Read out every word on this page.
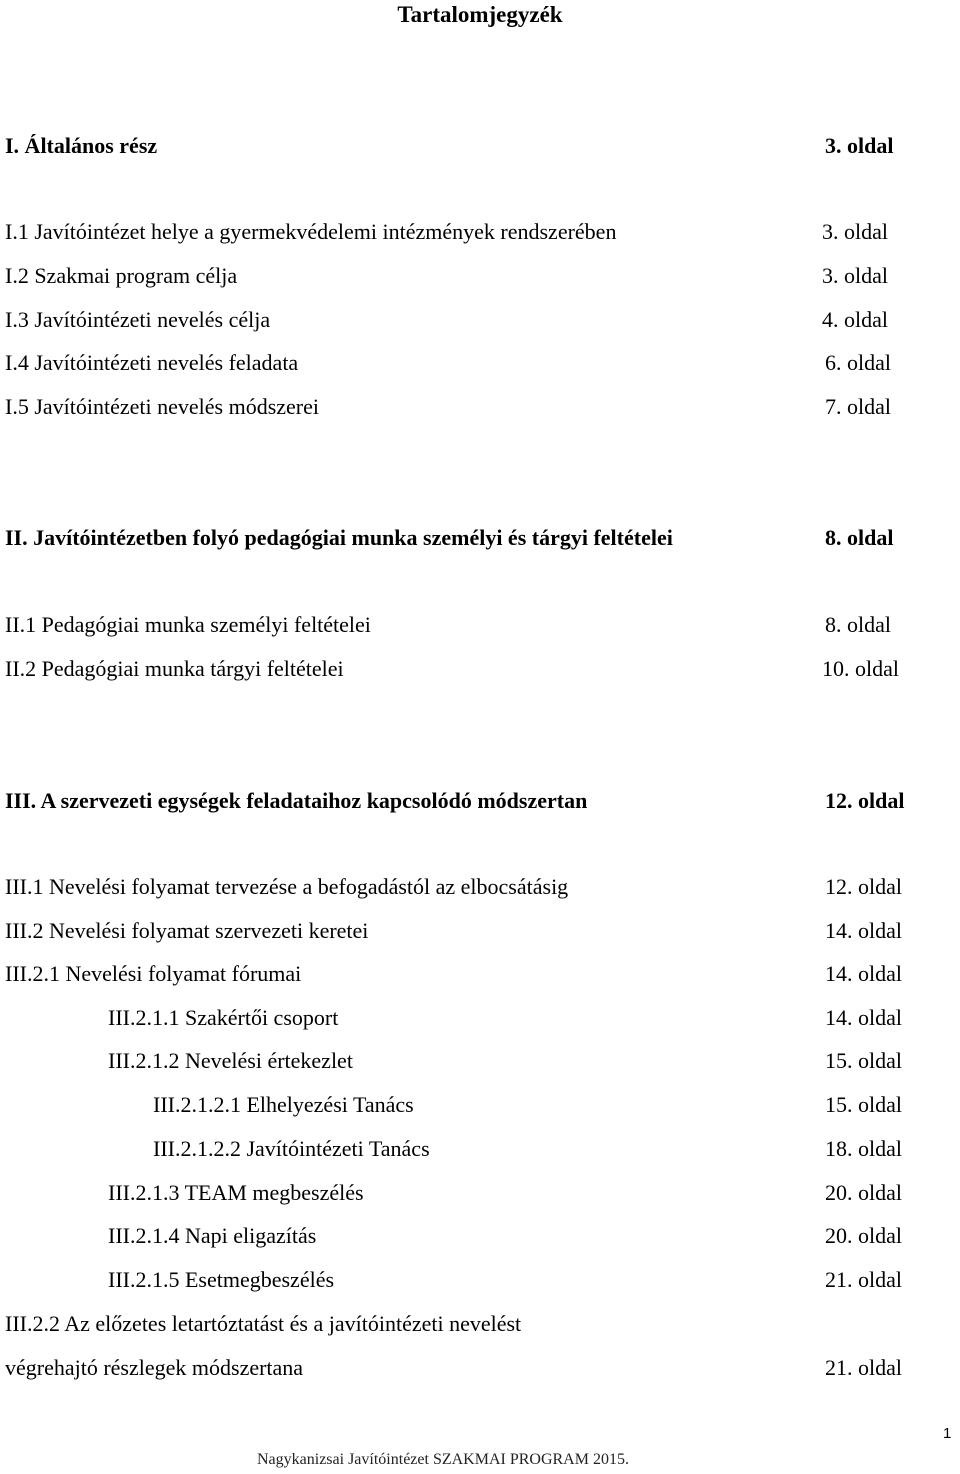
Tartalomjegyzék
I. Általános rész	3. oldal
I.1 Javítóintézet helye a gyermekvédelemi intézmények rendszerében	3. oldal
I.2 Szakmai program célja	3. oldal
I.3 Javítóintézeti nevelés célja	4. oldal
I.4 Javítóintézeti nevelés feladata	6. oldal
I.5 Javítóintézeti nevelés módszerei	7. oldal
II. Javítóintézetben folyó pedagógiai munka személyi és tárgyi feltételei	8. oldal
II.1 Pedagógiai munka személyi feltételei	8. oldal
II.2 Pedagógiai munka tárgyi feltételei	10. oldal
III. A szervezeti egységek feladataihoz kapcsolódó módszertan	12. oldal
III.1 Nevelési folyamat tervezése a befogadástól az elbocsátásig	12. oldal
III.2 Nevelési folyamat szervezeti keretei	14. oldal
III.2.1 Nevelési folyamat fórumai	14. oldal
III.2.1.1 Szakértői csoport	14. oldal
III.2.1.2 Nevelési értekezlet	15. oldal
III.2.1.2.1 Elhelyezési Tanács	15. oldal
III.2.1.2.2 Javítóintézeti Tanács	18. oldal
III.2.1.3 TEAM megbeszélés	20. oldal
III.2.1.4 Napi eligazítás	20. oldal
III.2.1.5 Esetmegbeszélés	21. oldal
III.2.2 Az előzetes letartóztatást és a javítóintézeti nevelést
végrehajtó részlegek módszertana	21. oldal
1
Nagykanizsai Javítóintézet SZAKMAI PROGRAM 2015.
